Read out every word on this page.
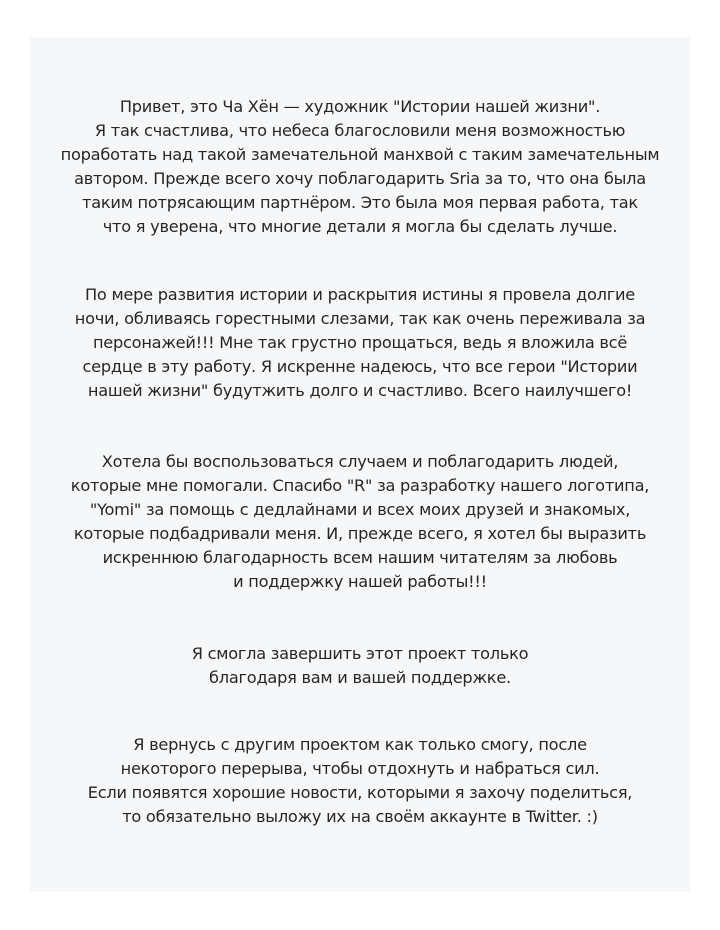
Привет, это Ча Хён — художник "Истории нашей жизни".
Я так счастлива, что небеса благословили меня возможностью
поработать над такой замечательной манхвой с таким замечательным
автором. Прежде всего хочу поблагодарить Sria за то, что она была
таким потрясающим партнёром. Это была моя первая работа, так
что я уверена, что многие детали я могла бы сделать лучше.

По мере развития истории и раскрытия истины я провела долгие
ночи, обливаясь горестными слезами, так как очень переживала за
персонажей!!! Мне так грустно прощаться, ведь я вложила всё
сердце в эту работу. Я искренне надеюсь, что все герои "Истории
нашей жизни" будутжить долго и счастливо. Всего наилучшего!

Хотела бы воспользоваться случаем и поблагодарить людей,
которые мне помогали. Спасибо "R" за разработку нашего логотипа,
"Yomi" за помощь с дедлайнами и всех моих друзей и знакомых,
которые подбадривали меня. И, прежде всего, я хотел бы выразить
искреннюю благодарность всем нашим читателям за любовь
и поддержку нашей работы!!!

Я смогла завершить этот проект только
благодаря вам и вашей поддержке.

Я вернусь с другим проектом как только смогу, после
некоторого перерыва, чтобы отдохнуть и набраться сил.
Если появятся хорошие новости, которыми я захочу поделиться,
то обязательно выложу их на своём аккаунте в Twitter. :)
